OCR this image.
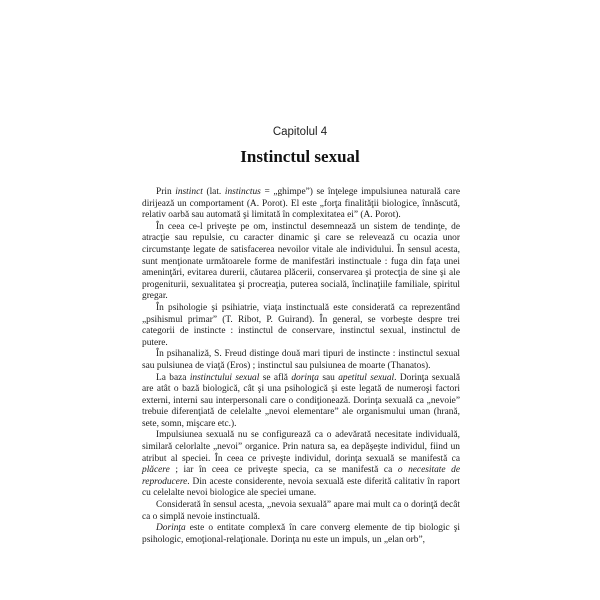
Capitolul 4
Instinctul sexual

Prin instinct (lat. instinctus = „ghimpe”) se înţelege impulsiunea naturală care dirijează un comportament (A. Porot). El este „forţa finalităţii biologice, înnăscută, relativ oarbă sau automată şi limitată în complexitatea ei” (A. Porot).

În ceea ce-l priveşte pe om, instinctul desemnează un sistem de tendinţe, de atracţie sau repulsie, cu caracter dinamic şi care se relevează cu ocazia unor circumstanţe legate de satisfacerea nevoilor vitale ale individului. În sensul acesta, sunt menţionate următoarele forme de manifestări instinctuale : fuga din faţa unei ameninţări, evitarea durerii, căutarea plăcerii, conservarea şi protecţia de sine şi ale progeniturii, sexualitatea şi procreaţia, puterea socială, înclinaţiile familiale, spiritul gregar.

În psihologie şi psihiatrie, viaţa instinctuală este considerată ca reprezentând „psihismul primar” (T. Ribot, P. Guirand). În general, se vorbeşte despre trei categorii de instincte : instinctul de conservare, instinctul sexual, instinctul de putere.

În psihanaliză, S. Freud distinge două mari tipuri de instincte : instinctul sexual sau pulsiunea de viaţă (Eros) ; instinctul sau pulsiunea de moarte (Thanatos).

La baza instinctului sexual se află dorinţa sau apetitul sexual. Dorinţa sexuală are atât o bază biologică, cât şi una psihologică şi este legată de numeroşi factori externi, interni sau interpersonali care o condiţionează. Dorinţa sexuală ca „nevoie” trebuie diferenţiată de celelalte „nevoi elementare” ale organismului uman (hrană, sete, somn, mişcare etc.).

Impulsiunea sexuală nu se configurează ca o adevărată necesitate individuală, similară celorlalte „nevoi” organice. Prin natura sa, ea depăşeşte individul, fiind un atribut al speciei. În ceea ce priveşte individul, dorinţa sexuală se manifestă ca plăcere ; iar în ceea ce priveşte specia, ca se manifestă ca o necesitate de reproducere. Din aceste considerente, nevoia sexuală este diferită calitativ în raport cu celelalte nevoi biologice ale speciei umane.

Considerată în sensul acesta, „nevoia sexuală” apare mai mult ca o dorinţă decât ca o simplă nevoie instinctuală.

Dorinţa este o entitate complexă în care converg elemente de tip biologic şi psihologic, emoţional-relaţionale. Dorinţa nu este un impuls, un „elan orb”,
